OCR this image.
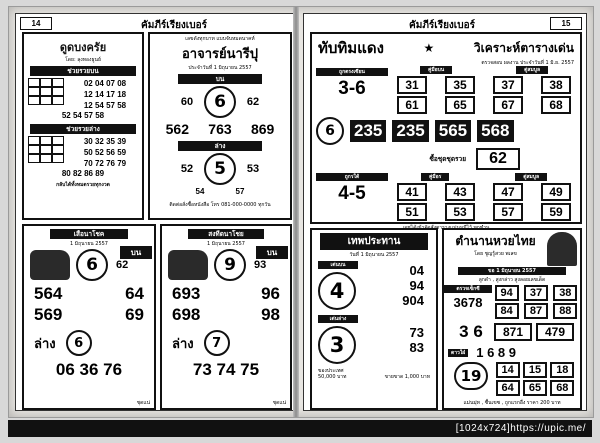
14	คัมภีร์เรียงเบอร์
ดูดบงครัย
โดย: ลุงทองธูนย์
ช่วยรวยบน
02 04 07 08
12 14 17 18
12 54 57 58
52 54 57 58
ช่วยรวยล่าง
30 32 35 39
50 52 56 59
70 72 76 79
80 82 86 89
กลับได้ทั้งหมดรวยทุกงวด
เลขดังทุกบาท แบบจับหมดนาคห์
อาจารย์นารีปุ
ประจำวันที่ 1 มิถุนายน 2557
บน
60	6	62
562 763 869
ล่าง
52	5	53
54	57
ติดต่อสั่งซื้อหนังสือ โทร 081-000-0000 ทุกวัน
เสือนาโชค
1 มิถุนายน 2557
6	62
บน
564	64
569	69
ล่าง	6
06 36 76
ชุดแน่
สงทีดนาโชย
1 มิถุนายน 2557
9	93
บน
693	96
698	98
ล่าง	7
73 74 75
ชุดแน่
15
คัมภีร์เรียงเบอร์
ทับทิมแดง	★	วิเคราะห์ตารางเด่น
ตรวจสอบ ผลงาน ประจำวันที่ 1 มิ.ย. 2557
ถูกตรงเซียน
3-6
คู่มือบน	ดู่สมบูล
31	35	37	38
61	65	67	68
6	235 235 565 568
ซื้อชุดชุดรวย	62
ถูกรใด้
4-5
คู่มือร	ดู่สมบูล
41	43	47	49
51	53	57	59
เทพประทาน
วันที่ 1 มิถุนายน 2557
เด่นบน
4
04
94
904
เด่นล่าง
3
73
83
ของประเทศ
50,000 บาท	ขายขาด 1,000 บาท
ตำนานหวยไทย
โดย ชูญรู้สวย พเลข
ขอ 1 มิถุนายน 2557
ลูกดำ , สูงกล่าว สูงลอยเลขเด็ด
ตรวจเซ็กซี
3678
94	37	38
84	87	88
3 6	871	479
ดาวใฝ่ 1 6 8 9
19	14	15	18
64	65	68
แม่นมุ่ท , ซื้นเขซ , ถูกแรกอื่ง ราคา 200 บาท
[1024x724]https://upic.me/
